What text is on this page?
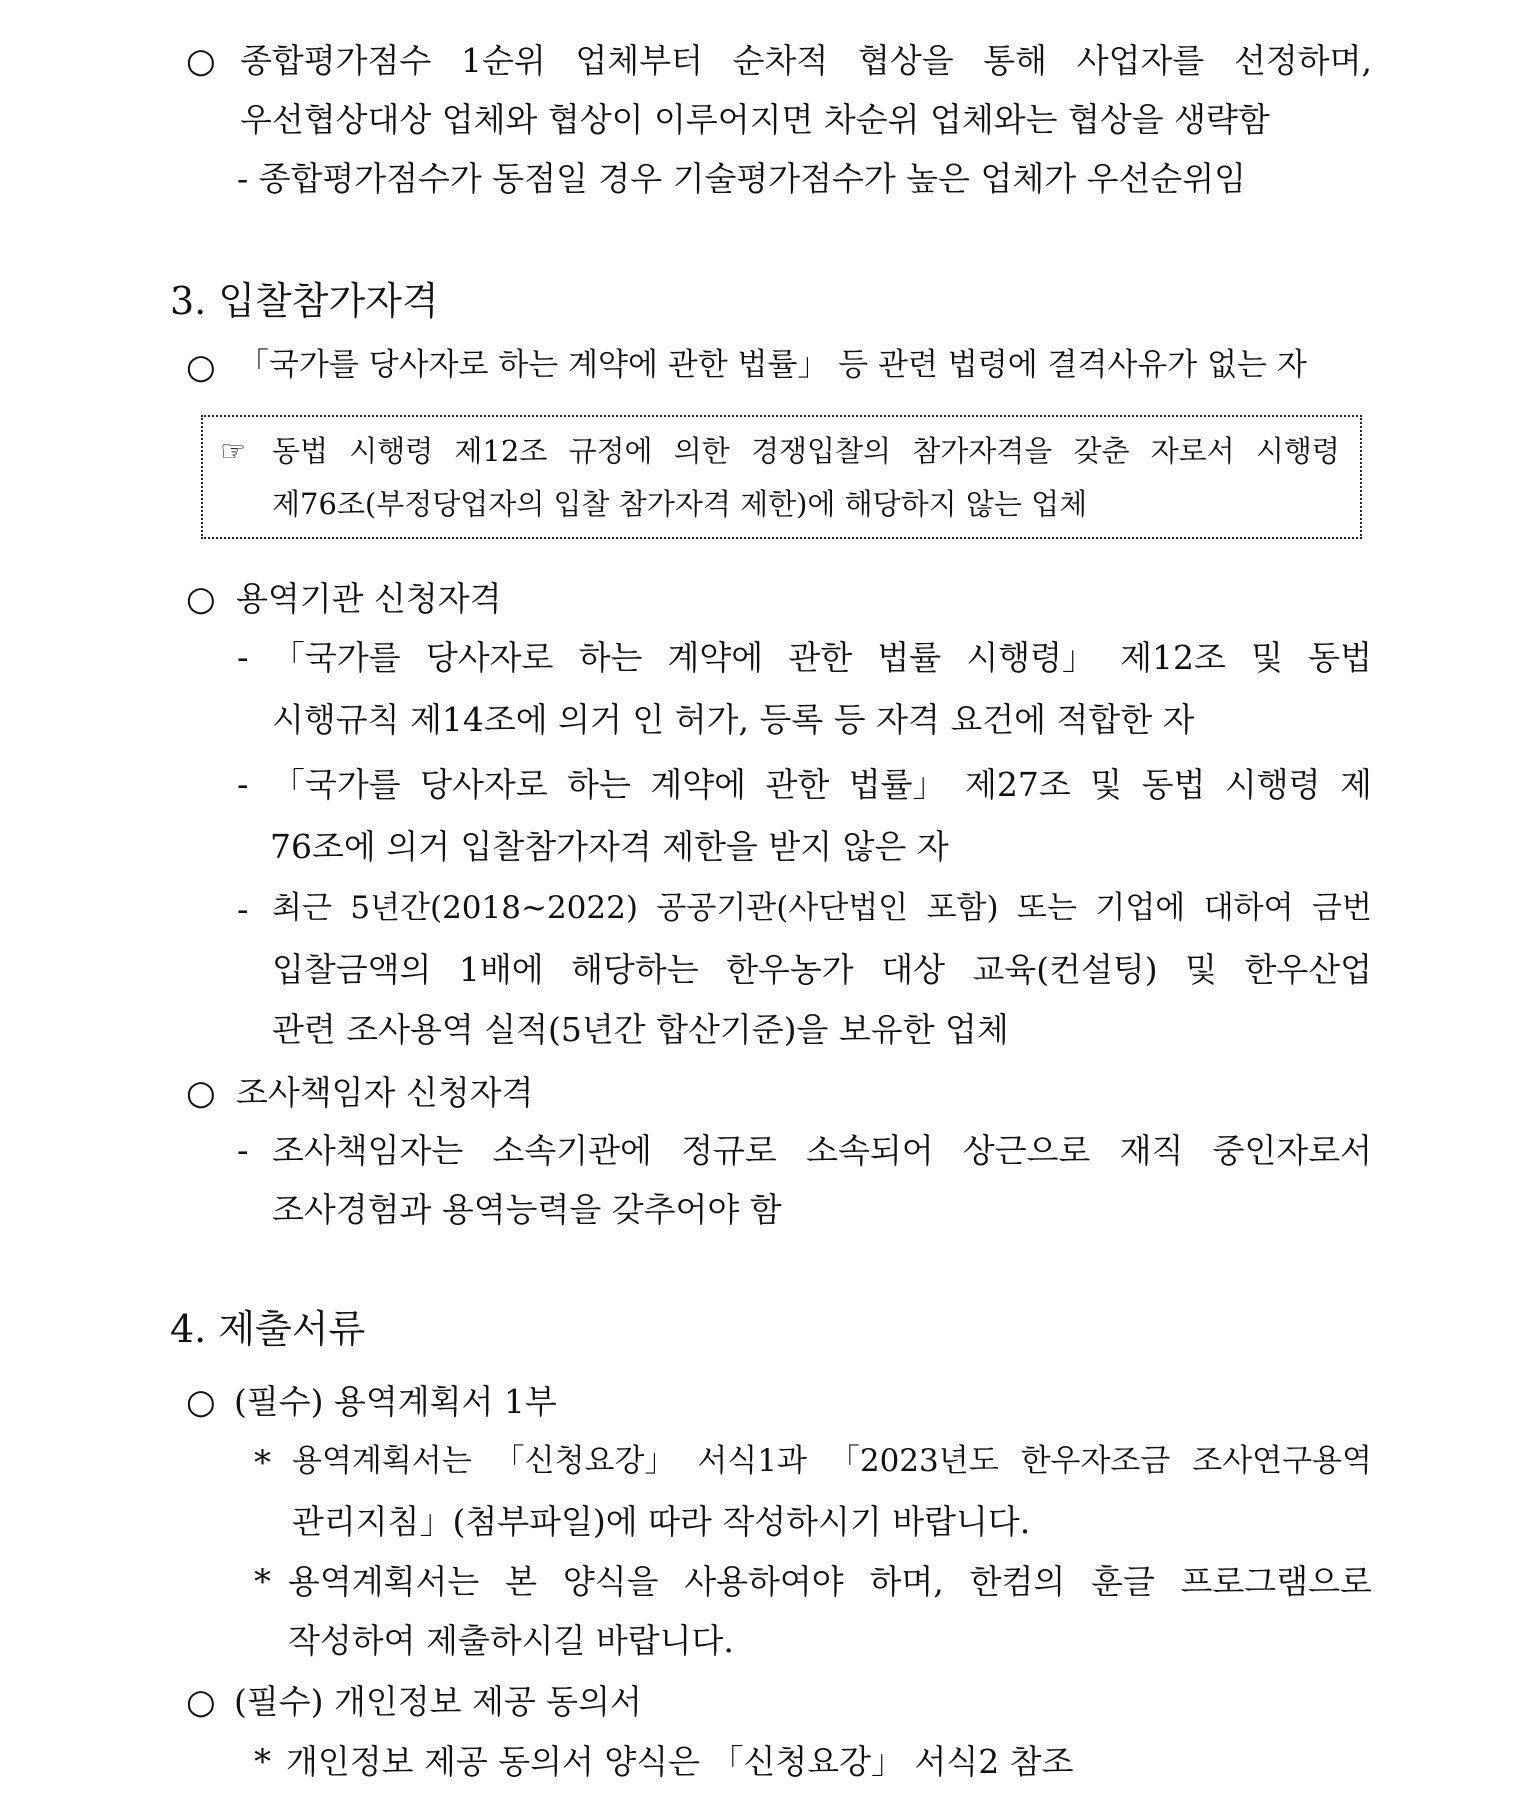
○ 종합평가점수 1순위 업체부터 순차적 협상을 통해 사업자를 선정하며,
우선협상대상 업체와 협상이 이루어지면 차순위 업체와는 협상을 생략함
- 종합평가점수가 동점일 경우 기술평가점수가 높은 업체가 우선순위임
3. 입찰참가자격
○ 「국가를 당사자로 하는 계약에 관한 법률」 등 관련 법령에 결격사유가 없는 자
☞ 동법 시행령 제12조 규정에 의한 경쟁입찰의 참가자격을 갖춘 자로서 시행령
제76조(부정당업자의 입찰 참가자격 제한)에 해당하지 않는 업체
○ 용역기관 신청자격
- 「국가를 당사자로 하는 계약에 관한 법률 시행령」 제12조 및 동법
시행규칙 제14조에 의거 인 허가, 등록 등 자격 요건에 적합한 자
- 「국가를 당사자로 하는 계약에 관한 법률」 제27조 및 동법 시행령 제
76조에 의거 입찰참가자격 제한을 받지 않은 자
- 최근 5년간(2018~2022) 공공기관(사단법인 포함) 또는 기업에 대하여 금번
입찰금액의 1배에 해당하는 한우농가 대상 교육(컨설팅) 및 한우산업
관련 조사용역 실적(5년간 합산기준)을 보유한 업체
○ 조사책임자 신청자격
- 조사책임자는 소속기관에 정규로 소속되어 상근으로 재직 중인자로서
조사경험과 용역능력을 갖추어야 함
4. 제출서류
○ (필수) 용역계획서 1부
* 용역계획서는 「신청요강」 서식1과 「2023년도 한우자조금 조사연구용역
관리지침」(첨부파일)에 따라 작성하시기 바랍니다.
* 용역계획서는 본 양식을 사용하여야 하며, 한컴의 훈글 프로그램으로
작성하여 제출하시길 바랍니다.
○ (필수) 개인정보 제공 동의서
* 개인정보 제공 동의서 양식은 「신청요강」 서식2 참조
